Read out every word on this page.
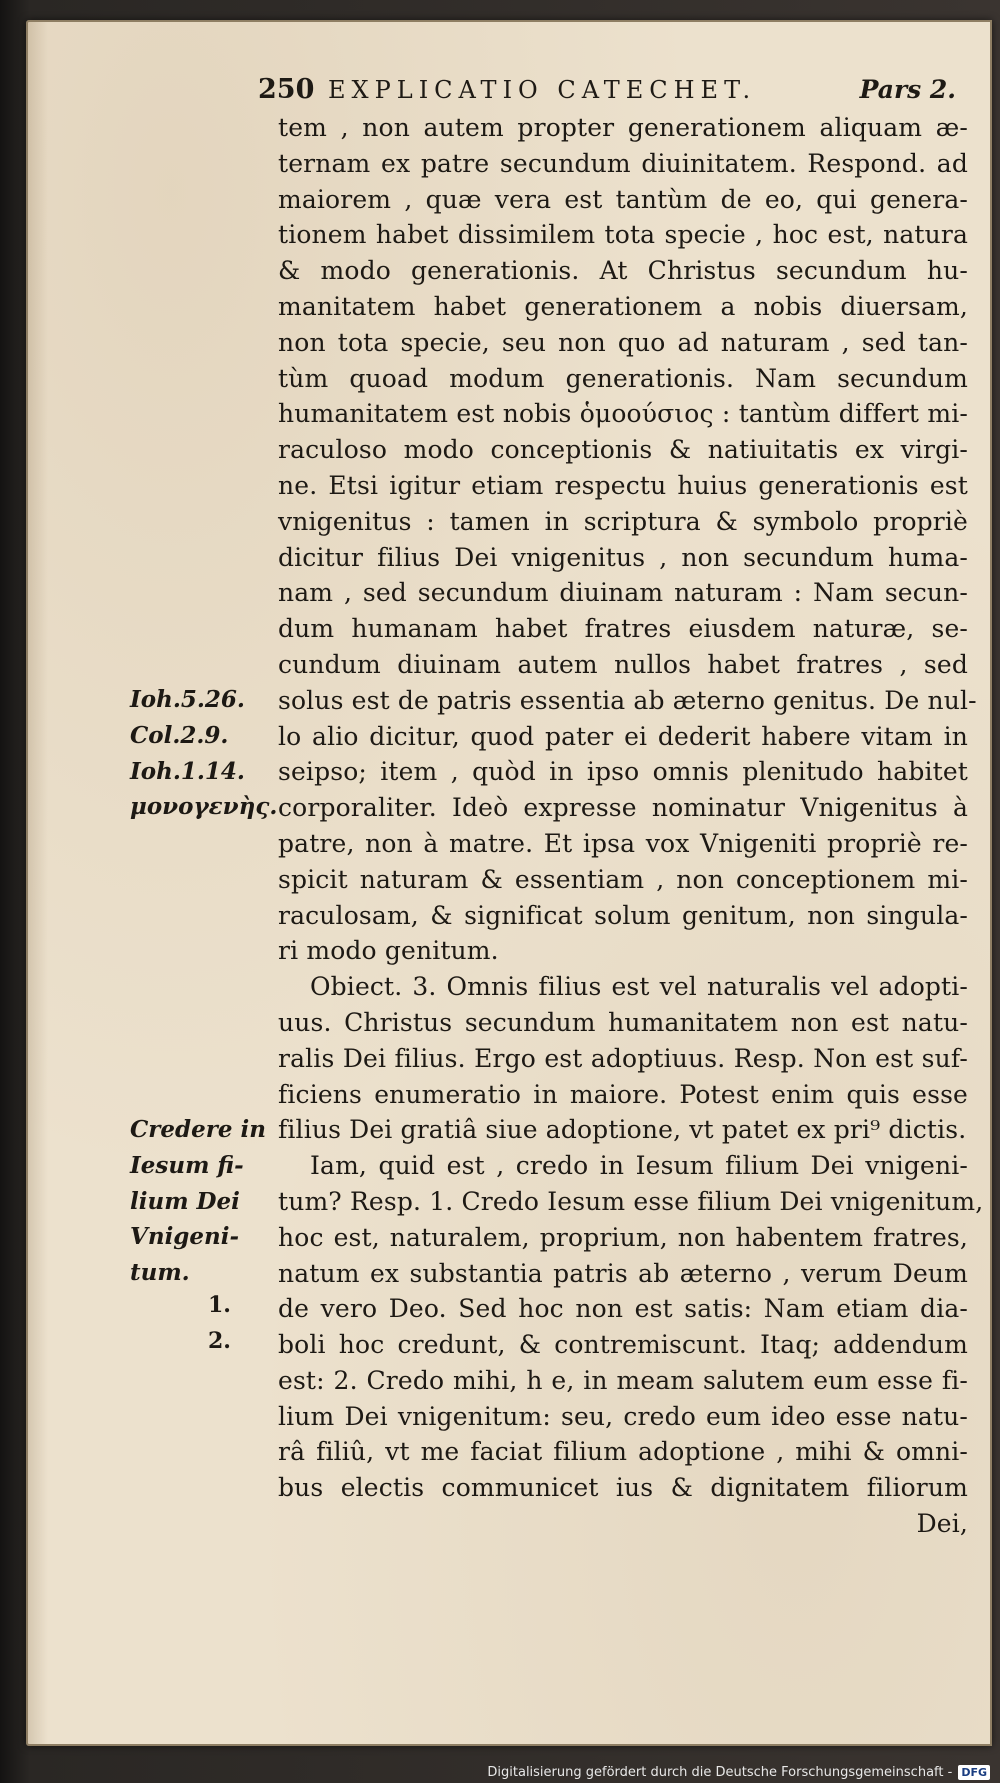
250 EXPLICATIO CATECHET.	Pars 2.
tem , non autem propter generationem aliquam æ-
ternam ex patre secundum diuinitatem. Respond. ad
maiorem , quæ vera est tantùm de eo, qui genera-
tionem habet dissimilem tota specie , hoc est, natura
& modo generationis. At Christus secundum hu-
manitatem habet generationem a nobis diuersam,
non tota specie, seu non quo ad naturam , sed tan-
tùm quoad modum generationis. Nam secundum
humanitatem est nobis ὁμοούσιος : tantùm differt mi-
raculoso modo conceptionis & natiuitatis ex virgi-
ne. Etsi igitur etiam respectu huius generationis est
vnigenitus : tamen in scriptura & symbolo propriè
dicitur filius Dei vnigenitus , non secundum huma-
nam , sed secundum diuinam naturam : Nam secun-
dum humanam habet fratres eiusdem naturæ, se-
cundum diuinam autem nullos habet fratres , sed
solus est de patris essentia ab æterno genitus. De nul-
lo alio dicitur, quod pater ei dederit habere vitam in
seipso; item , quòd in ipso omnis plenitudo habitet
corporaliter. Ideò expresse nominatur Vnigenitus à
patre, non à matre. Et ipsa vox Vnigeniti propriè re-
spicit naturam & essentiam , non conceptionem mi-
raculosam, & significat solum genitum, non singula-
ri modo genitum.
Obiect. 3. Omnis filius est vel naturalis vel adopti-
uus. Christus secundum humanitatem non est natu-
ralis Dei filius. Ergo est adoptiuus. Resp. Non est suf-
ficiens enumeratio in maiore. Potest enim quis esse
filius Dei gratiâ siue adoptione, vt patet ex pri⁹ dictis.
Iam, quid est , credo in Iesum filium Dei vnigeni-
tum? Resp. 1. Credo Iesum esse filium Dei vnigenitum,
hoc est, naturalem, proprium, non habentem fratres,
natum ex substantia patris ab æterno , verum Deum
de vero Deo. Sed hoc non est satis: Nam etiam dia-
boli hoc credunt, & contremiscunt. Itaq; addendum
est: 2. Credo mihi, h e, in meam salutem eum esse fi-
lium Dei vnigenitum: seu, credo eum ideo esse natu-
râ filiû, vt me faciat filium adoptione , mihi & omni-
bus electis communicet ius & dignitatem filiorum
Dei,
Ioh.5.26.
Col.2.9.
Ioh.1.14.
μονογενὴς.
Credere in
Iesum fi-
lium Dei
Vnigeni-
tum.
1.
2.
Digitalisierung gefördert durch die Deutsche Forschungsgemeinschaft - DFG
